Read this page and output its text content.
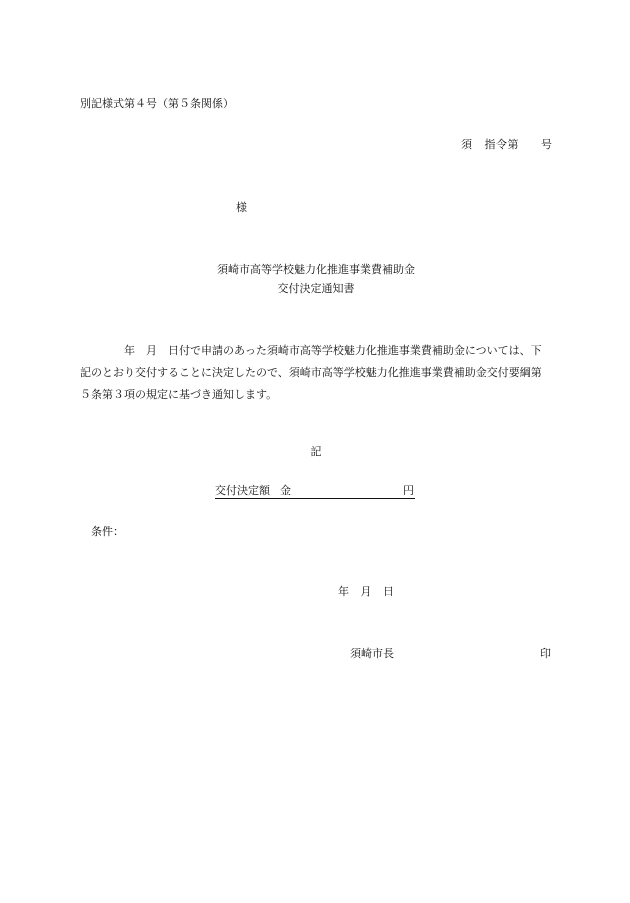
別記様式第４号（第５条関係）
須 指令第 号
様
須崎市高等学校魅力化推進事業費補助金
交付決定通知書
　　　　年　月　日付で申請のあった須崎市高等学校魅力化推進事業費補助金については、下
記のとおり交付することに決定したので、須崎市高等学校魅力化推進事業費補助金交付要綱第
５条第３項の規定に基づき通知します。
記
交付決定額 金	円
条件：
年 月 日
須崎市長	印
